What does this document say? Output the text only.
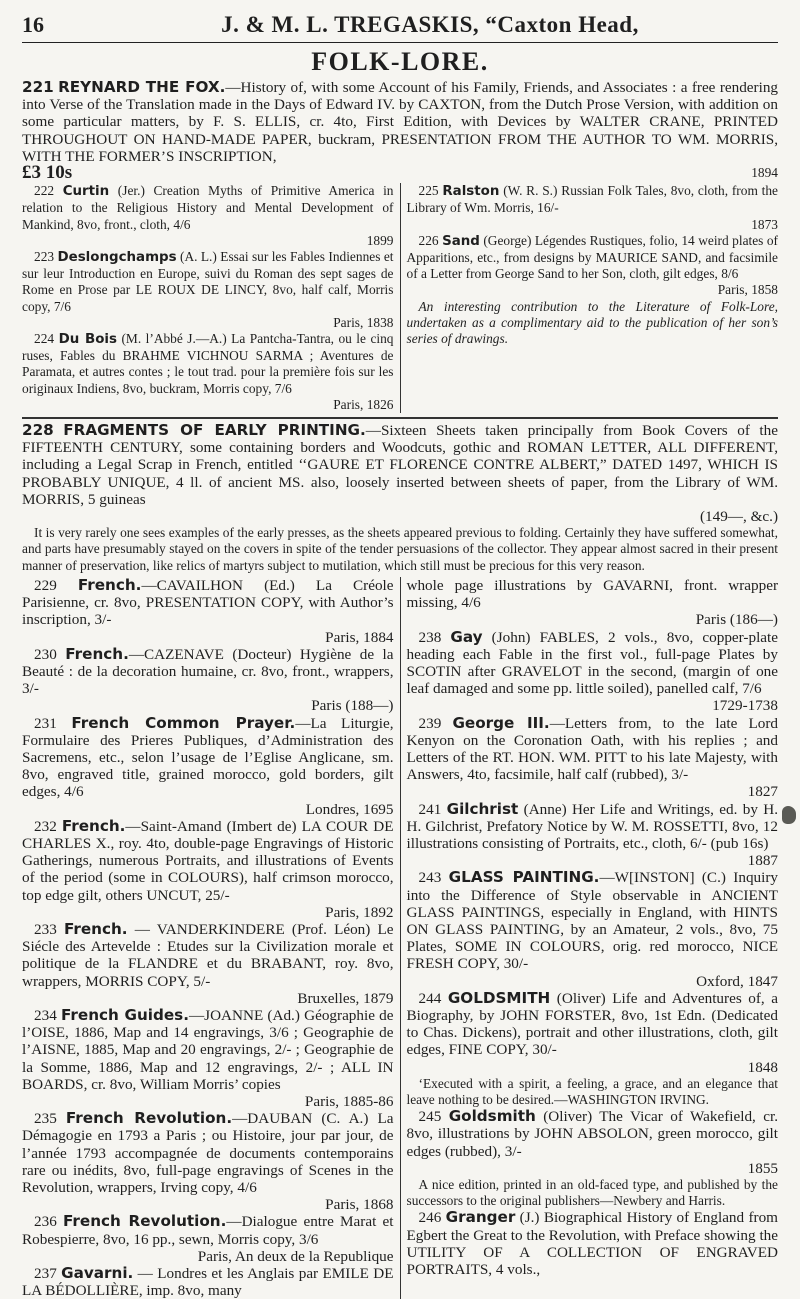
16	J. & M. L. TREGASKIS, “Caxton Head,
FOLK-LORE.

221 REYNARD THE FOX.—History of, with some Account of his Family, Friends, and Associates : a free rendering into Verse of the Translation made in the Days of Edward IV. by CAXTON, from the Dutch Prose Version, with addition on some particular matters, by F. S. ELLIS, cr. 4to, First Edition, with Devices by WALTER CRANE, PRINTED THROUGHOUT ON HAND-MADE PAPER, buckram, PRESENTATION FROM THE AUTHOR TO WM. MORRIS, WITH THE FORMER’S INSCRIPTION,

£3 10s	1894

222 Curtin (Jer.) Creation Myths of Primitive America in relation to the Religious History and Mental Development of Mankind, 8vo, front., cloth, 4/6
1899

223 Deslongchamps (A. L.) Essai sur les Fables Indiennes et sur leur Introduction en Europe, suivi du Roman des sept sages de Rome en Prose par LE ROUX DE LINCY, 8vo, half calf, Morris copy, 7/6
Paris, 1838

224 Du Bois (M. l’Abbé J.—A.) La Pantcha-Tantra, ou le cinq ruses, Fables du BRAHME VICHNOU SARMA ; Aventures de Paramata, et autres contes ; le tout trad. pour la première fois sur les originaux Indiens, 8vo, buckram, Morris copy, 7/6
Paris, 1826

225 Ralston (W. R. S.) Russian Folk Tales, 8vo, cloth, from the Library of Wm. Morris, 16/-
1873

226 Sand (George) Légendes Rustiques, folio, 14 weird plates of Apparitions, etc., from designs by MAURICE SAND, and facsimile of a Letter from George Sand to her Son, cloth, gilt edges, 8/6
Paris, 1858

An interesting contribution to the Literature of Folk-Lore, undertaken as a complimentary aid to the publication of her son’s series of drawings.

228 FRAGMENTS OF EARLY PRINTING.—Sixteen Sheets taken principally from Book Covers of the FIFTEENTH CENTURY, some containing borders and Woodcuts, gothic and ROMAN LETTER, ALL DIFFERENT, including a Legal Scrap in French, entitled ‘‘GAURE ET FLORENCE CONTRE ALBERT,” DATED 1497, WHICH IS PROBABLY UNIQUE, 4 ll. of ancient MS. also, loosely inserted between sheets of paper, from the Library of WM. MORRIS, 5 guineas
(149—, &c.)

It is very rarely one sees examples of the early presses, as the sheets appeared previous to folding. Certainly they have suffered somewhat, and parts have presumably stayed on the covers in spite of the tender persuasions of the collector. They appear almost sacred in their present manner of preservation, like relics of martyrs subject to mutilation, which still must be precious for this very reason.

229 French.—CAVAILHON (Ed.) La Créole Parisienne, cr. 8vo, PRESENTATION COPY, with Author’s inscription, 3/-
Paris, 1884

230 French.—CAZENAVE (Docteur) Hygiène de la Beauté : de la decoration humaine, cr. 8vo, front., wrappers, 3/-
Paris (188—)

231 French Common Prayer.—La Liturgie, Formulaire des Prieres Publiques, d’Administration des Sacremens, etc., selon l’usage de l’Eglise Anglicane, sm. 8vo, engraved title, grained morocco, gold borders, gilt edges, 4/6
Londres, 1695

232 French.—Saint-Amand (Imbert de) LA COUR DE CHARLES X., roy. 4to, double-page Engravings of Historic Gatherings, numerous Portraits, and illustrations of Events of the period (some in COLOURS), half crimson morocco, top edge gilt, others UNCUT, 25/-
Paris, 1892

233 French. — VANDERKINDERE (Prof. Léon) Le Siécle des Artevelde : Etudes sur la Civilization morale et politique de la FLANDRE et du BRABANT, roy. 8vo, wrappers, MORRIS COPY, 5/-
Bruxelles, 1879

234 French Guides.—JOANNE (Ad.) Géographie de l’OISE, 1886, Map and 14 engravings, 3/6 ; Geographie de l’AISNE, 1885, Map and 20 engravings, 2/- ; Geographie de la Somme, 1886, Map and 12 engravings, 2/- ; ALL IN BOARDS, cr. 8vo, William Morris’ copies
Paris, 1885-86

235 French Revolution.—DAUBAN (C. A.) La Démagogie en 1793 a Paris ; ou Histoire, jour par jour, de l’année 1793 accompagnée de documents contemporains rare ou inédits, 8vo, full-page engravings of Scenes in the Revolution, wrappers, Irving copy, 4/6
Paris, 1868

236 French Revolution.—Dialogue entre Marat et Robespierre, 8vo, 16 pp., sewn, Morris copy, 3/6
Paris, An deux de la Republique

237 Gavarni. — Londres et les Anglais par EMILE DE LA BÉDOLLIÈRE, imp. 8vo, many

whole page illustrations by GAVARNI, front. wrapper missing, 4/6
Paris (186—)

238 Gay (John) FABLES, 2 vols., 8vo, copper-plate heading each Fable in the first vol., full-page Plates by SCOTIN after GRAVELOT in the second, (margin of one leaf damaged and some pp. little soiled), panelled calf, 7/6
1729-1738

239 George III.—Letters from, to the late Lord Kenyon on the Coronation Oath, with his replies ; and Letters of the RT. HON. WM. PITT to his late Majesty, with Answers, 4to, facsimile, half calf (rubbed), 3/-
1827

241 Gilchrist (Anne) Her Life and Writings, ed. by H. H. Gilchrist, Prefatory Notice by W. M. ROSSETTI, 8vo, 12 illustrations consisting of Portraits, etc., cloth, 6/- (pub 16s)
1887

243 GLASS PAINTING.—W[INSTON] (C.) Inquiry into the Difference of Style observable in ANCIENT GLASS PAINTINGS, especially in England, with HINTS ON GLASS PAINTING, by an Amateur, 2 vols., 8vo, 75 Plates, SOME IN COLOURS, orig. red morocco, NICE FRESH COPY, 30/-
Oxford, 1847

244 GOLDSMITH (Oliver) Life and Adventures of, a Biography, by JOHN FORSTER, 8vo, 1st Edn. (Dedicated to Chas. Dickens), portrait and other illustrations, cloth, gilt edges, FINE COPY, 30/-
1848

‘Executed with a spirit, a feeling, a grace, and an elegance that leave nothing to be desired.—WASHINGTON IRVING.

245 Goldsmith (Oliver) The Vicar of Wakefield, cr. 8vo, illustrations by JOHN ABSOLON, green morocco, gilt edges (rubbed), 3/-
1855

A nice edition, printed in an old-faced type, and published by the successors to the original publishers—Newbery and Harris.

246 Granger (J.) Biographical History of England from Egbert the Great to the Revolution, with Preface showing the UTILITY OF A COLLECTION OF ENGRAVED PORTRAITS, 4 vols.,
